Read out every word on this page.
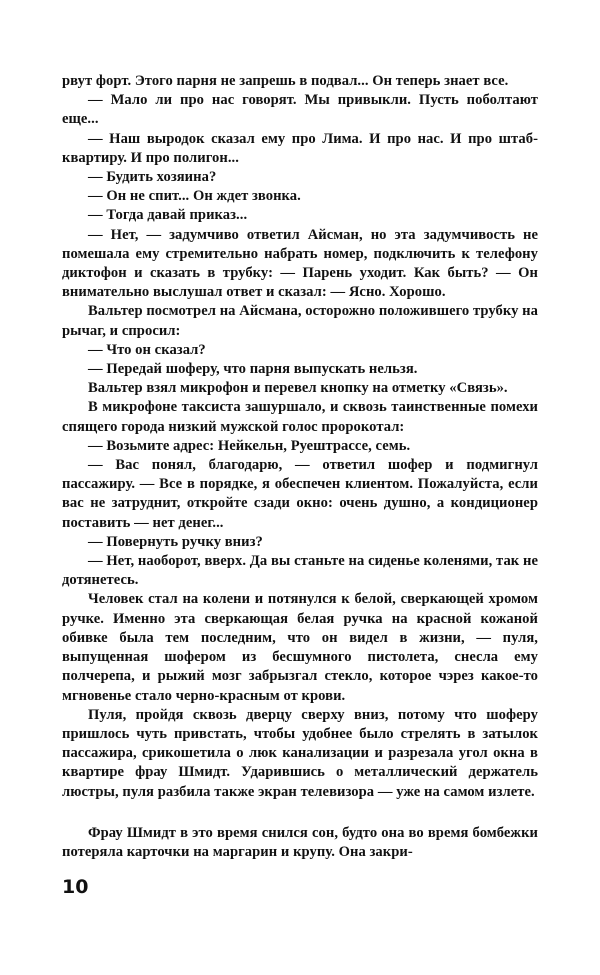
рвут форт. Этого парня не запрешь в подвал... Он теперь знает все.

— Мало ли про нас говорят. Мы привыкли. Пусть поболтают еще...

— Наш выродок сказал ему про Лима. И про нас. И про штаб-квартиру. И про полигон...

— Будить хозяина?

— Он не спит... Он ждет звонка.

— Тогда давай приказ...

— Нет, — задумчиво ответил Айсман, но эта задумчивость не помешала ему стремительно набрать номер, подключить к телефону диктофон и сказать в трубку: — Парень уходит. Как быть? — Он внимательно выслушал ответ и сказал: — Ясно. Хорошо.

Вальтер посмотрел на Айсмана, осторожно положившего трубку на рычаг, и спросил:

— Что он сказал?

— Передай шоферу, что парня выпускать нельзя.

Вальтер взял микрофон и перевел кнопку на отметку «Связь».

В микрофоне таксиста зашуршало, и сквозь таинственные помехи спящего города низкий мужской голос пророкотал:

— Возьмите адрес: Нейкельн, Руештрассе, семь.

— Вас понял, благодарю, — ответил шофер и подмигнул пассажиру. — Все в порядке, я обеспечен клиентом. Пожалуйста, если вас не затруднит, откройте сзади окно: очень душно, а кондиционер поставить — нет денег...

— Повернуть ручку вниз?

— Нет, наоборот, вверх. Да вы станьте на сиденье коленями, так не дотянетесь.

Человек стал на колени и потянулся к белой, сверкающей хромом ручке. Именно эта сверкающая белая ручка на красной кожаной обивке была тем последним, что он видел в жизни, — пуля, выпущенная шофером из бесшумного пистолета, снесла ему полчерепа, и рыжий мозг забрызгал стекло, которое чэрез какое-то мгновенье стало черно-красным от крови.

Пуля, пройдя сквозь дверцу сверху вниз, потому что шоферу пришлось чуть привстать, чтобы удобнее было стрелять в затылок пассажира, срикошетила о люк канализации и разрезала угол окна в квартире фрау Шмидт. Ударившись о металлический держатель люстры, пуля разбила также экран телевизора — уже на самом излете.

Фрау Шмидт в это время снился сон, будто она во время бомбежки потеряла карточки на маргарин и крупу. Она закри-

10
